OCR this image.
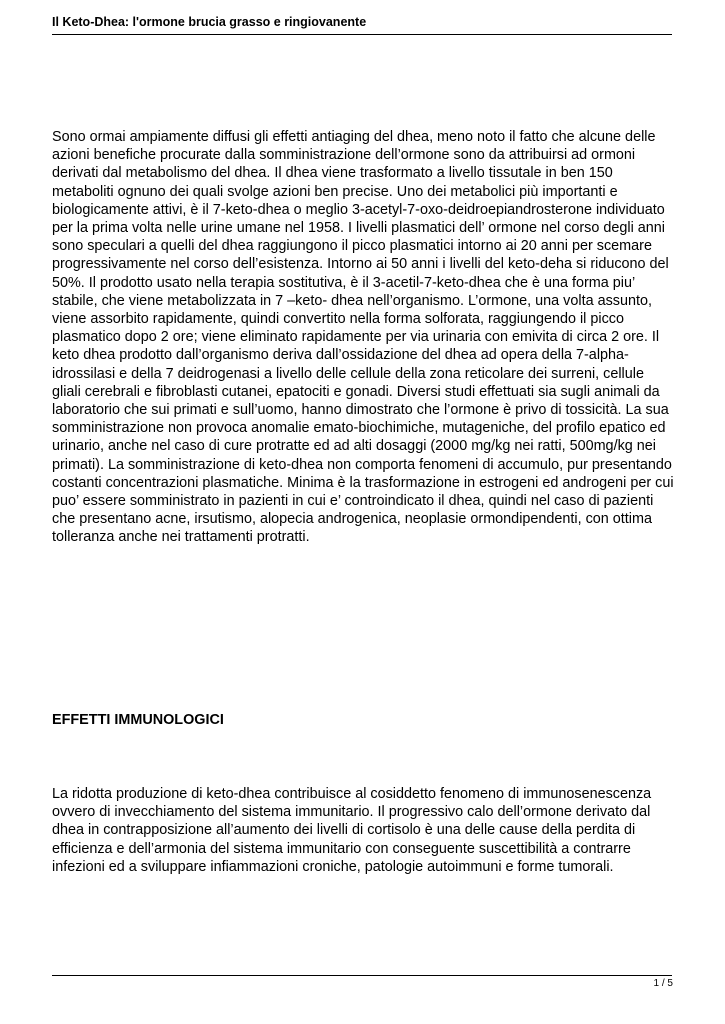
Il Keto-Dhea: l'ormone brucia grasso e ringiovanente

Sono ormai ampiamente diffusi gli effetti antiaging del dhea, meno noto il fatto che alcune delle azioni benefiche procurate dalla somministrazione dell’ormone sono da attribuirsi ad ormoni derivati dal metabolismo del dhea. Il dhea viene trasformato a livello tissutale in ben 150 metaboliti ognuno dei quali svolge azioni ben precise. Uno dei metabolici più importanti e biologicamente attivi, è il 7-keto-dhea o meglio 3-acetyl-7-oxo-deidroepiandrosterone individuato per la prima volta nelle urine umane nel 1958. I livelli plasmatici dell’ ormone nel corso degli anni sono speculari a quelli del dhea raggiungono il picco plasmatici intorno ai 20 anni per scemare progressivamente nel corso dell’esistenza. Intorno ai 50 anni i livelli del keto-deha si riducono del 50%. Il prodotto usato nella terapia sostitutiva, è il 3-acetil-7-keto-dhea che è una forma piu’ stabile, che viene metabolizzata in 7 –keto- dhea nell’organismo. L’ormone, una volta assunto, viene assorbito rapidamente, quindi convertito nella forma solforata, raggiungendo il picco plasmatico dopo 2 ore; viene eliminato rapidamente per via urinaria con emivita di circa 2 ore. Il keto dhea prodotto dall’organismo deriva dall’ossidazione del dhea ad opera della 7-alpha-idrossilasi e della 7 deidrogenasi a livello delle cellule della zona reticolare dei surreni, cellule gliali cerebrali e fibroblasti cutanei, epatociti e gonadi. Diversi studi effettuati sia sugli animali da laboratorio che sui primati e sull’uomo, hanno dimostrato che l’ormone è privo di tossicità. La sua somministrazione non provoca anomalie emato-biochimiche, mutageniche, del profilo epatico ed urinario, anche nel caso di cure protratte ed ad alti dosaggi (2000 mg/kg nei ratti, 500mg/kg nei primati). La somministrazione di keto-dhea non comporta fenomeni di accumulo, pur presentando costanti concentrazioni plasmatiche. Minima è la trasformazione in estrogeni ed androgeni per cui puo’ essere somministrato in pazienti in cui e’ controindicato il dhea, quindi nel caso di pazienti che presentano acne, irsutismo, alopecia androgenica, neoplasie ormondipendenti, con ottima tolleranza anche nei trattamenti protratti.

EFFETTI IMMUNOLOGICI

La ridotta produzione di keto-dhea contribuisce al cosiddetto fenomeno di immunosenescenza ovvero di invecchiamento del sistema immunitario. Il progressivo calo dell’ormone derivato dal dhea in contrapposizione all’aumento dei livelli di cortisolo è una delle cause della perdita di efficienza e dell’armonia del sistema immunitario con conseguente suscettibilità a contrarre infezioni ed a sviluppare infiammazioni croniche, patologie autoimmuni e forme tumorali.

1 / 5
